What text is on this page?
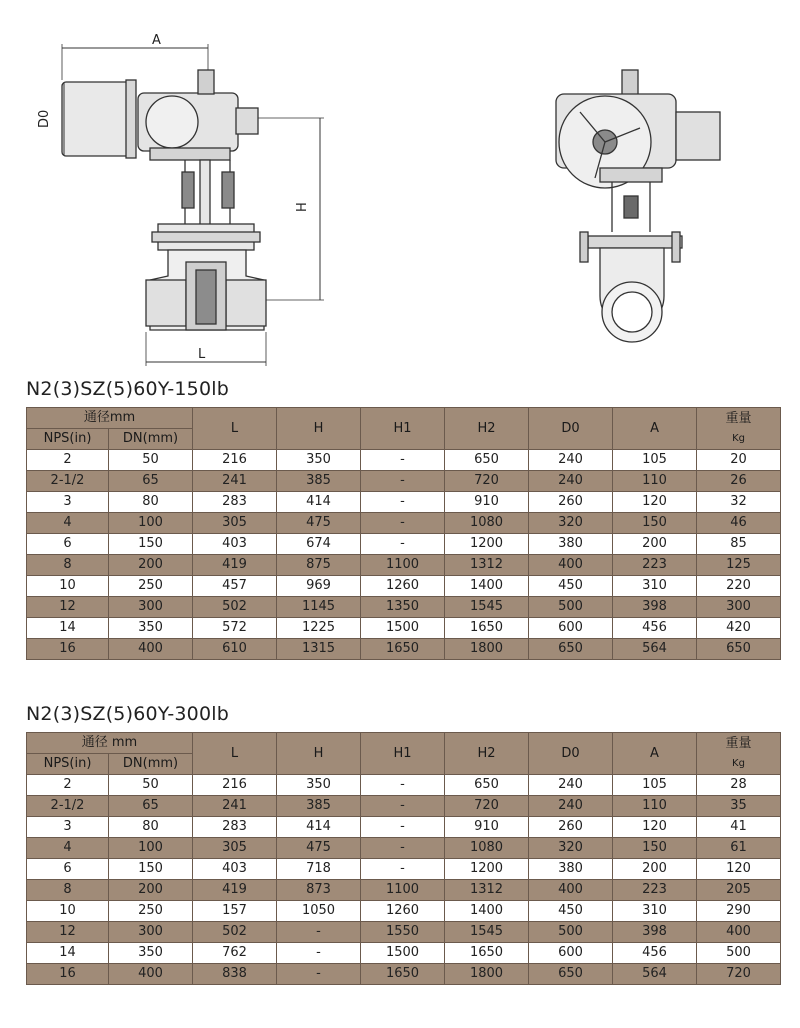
A
D0
H
L
N2(3)SZ(5)60Y-150lb
通径mm		L	H	H1	H2	D0	A	重量
Kg

NPS(in)	DN(mm)							
2	50	216	350	-	650	240	105	20
2-1/2	65	241	385	-	720	240	110	26
3	80	283	414	-	910	260	120	32
4	100	305	475	-	1080	320	150	46
6	150	403	674	-	1200	380	200	85
8	200	419	875	1100	1312	400	223	125
10	250	457	969	1260	1400	450	310	220
12	300	502	1145	1350	1545	500	398	300
14	350	572	1225	1500	1650	600	456	420
16	400	610	1315	1650	1800	650	564	650
N2(3)SZ(5)60Y-300lb
通径 mm		L	H	H1	H2	D0	A	重量
Kg

NPS(in)	DN(mm)							
2	50	216	350	-	650	240	105	28
2-1/2	65	241	385	-	720	240	110	35
3	80	283	414	-	910	260	120	41
4	100	305	475	-	1080	320	150	61
6	150	403	718	-	1200	380	200	120
8	200	419	873	1100	1312	400	223	205
10	250	157	1050	1260	1400	450	310	290
12	300	502	-	1550	1545	500	398	400
14	350	762	-	1500	1650	600	456	500
16	400	838	-	1650	1800	650	564	720
